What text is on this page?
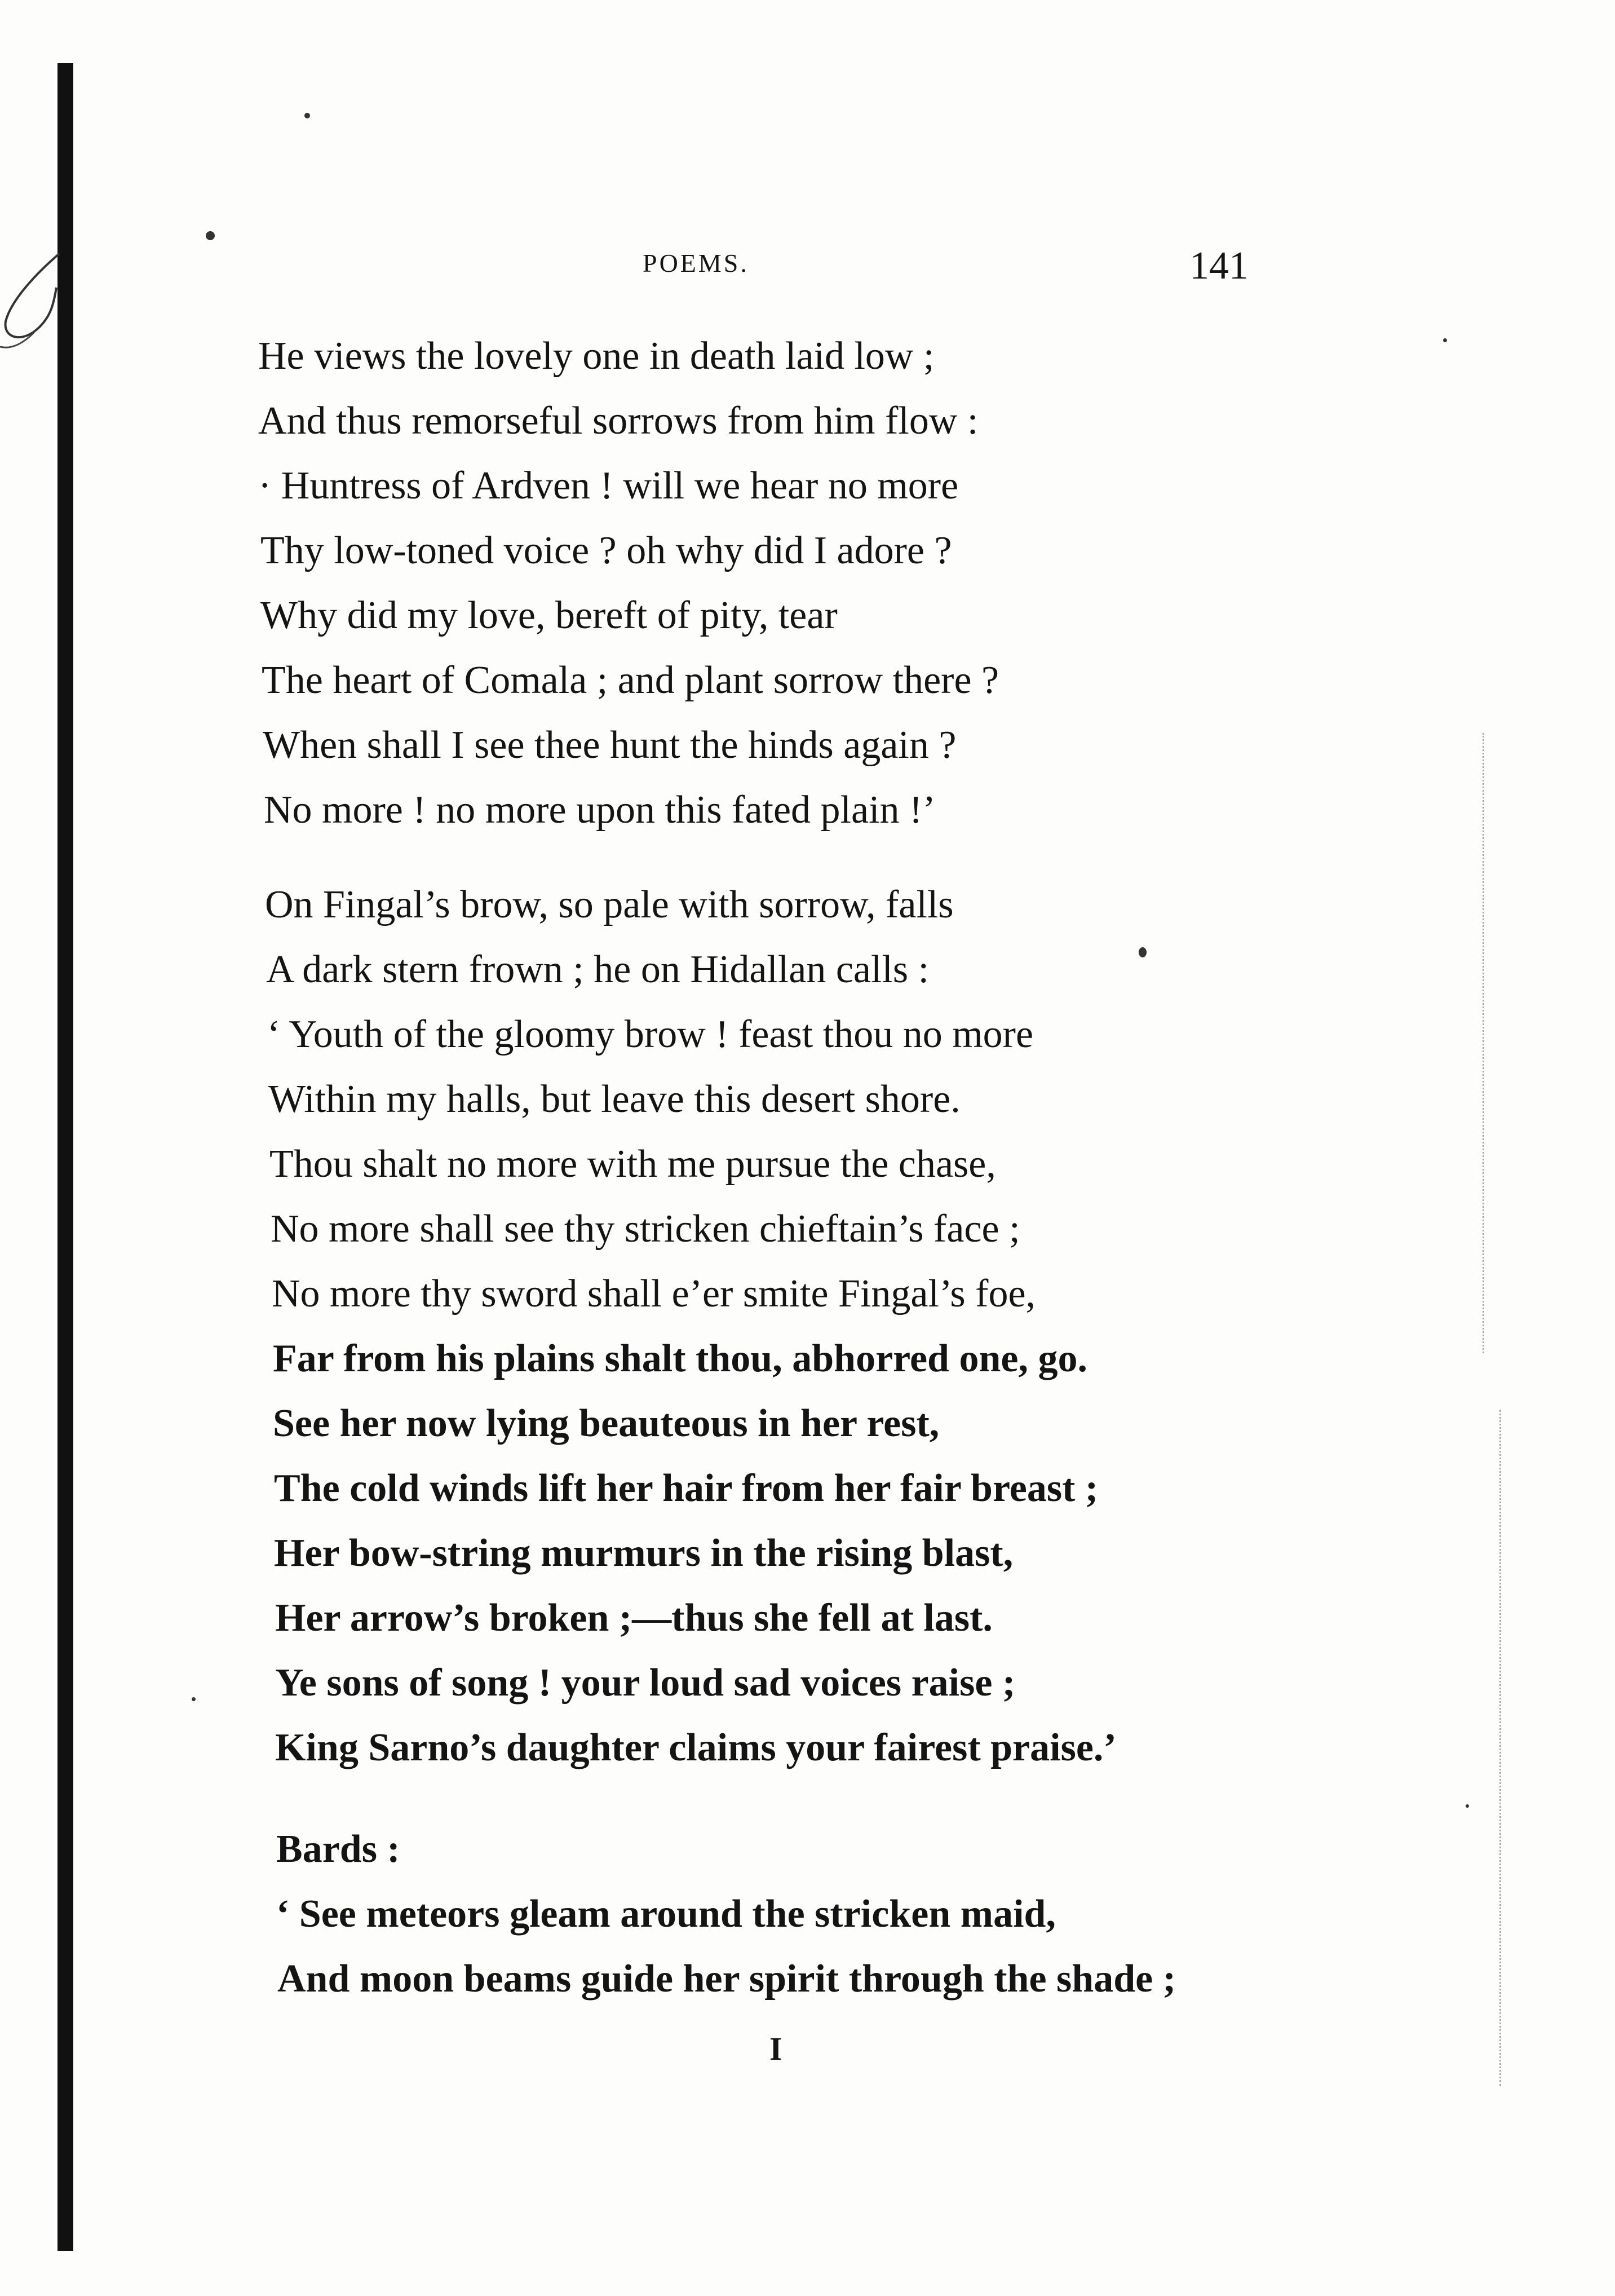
POEMS.	141
He views the lovely one in death laid low ;
And thus remorseful sorrows from him flow :
· Huntress of Ardven ! will we hear no more
Thy low-toned voice ? oh why did I adore ?
Why did my love, bereft of pity, tear
The heart of Comala ; and plant sorrow there ?
When shall I see thee hunt the hinds again ?
No more ! no more upon this fated plain !’
On Fingal’s brow, so pale with sorrow, falls
A dark stern frown ; he on Hidallan calls :
‘ Youth of the gloomy brow ! feast thou no more
Within my halls, but leave this desert shore.
Thou shalt no more with me pursue the chase,
No more shall see thy stricken chieftain’s face ;
No more thy sword shall e’er smite Fingal’s foe,
Far from his plains shalt thou, abhorred one, go.
See her now lying beauteous in her rest,
The cold winds lift her hair from her fair breast ;
Her bow-string murmurs in the rising blast,
Her arrow’s broken ;—thus she fell at last.
Ye sons of song ! your loud sad voices raise ;
King Sarno’s daughter claims your fairest praise.’
Bards :
‘ See meteors gleam around the stricken maid,
And moon beams guide her spirit through the shade ;
I
